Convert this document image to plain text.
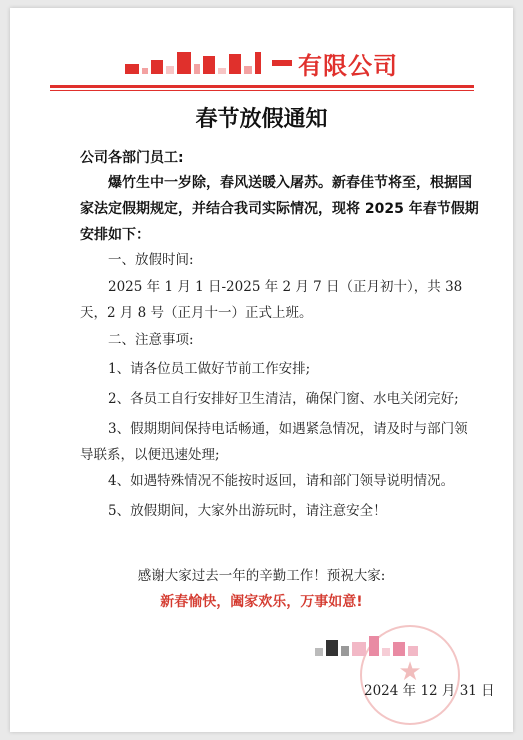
有限公司
春节放假通知
公司各部门员工:
爆竹生中一岁除，春风送暖入屠苏。新春佳节将至，根据国家法定假期规定，并结合我司实际情况，现将 2025 年春节假期安排如下：
一、放假时间:
2025 年 1 月 1 日-2025 年 2 月 7 日（正月初十），共 38 天，2 月 8 号（正月十一）正式上班。
二、注意事项:
1、请各位员工做好节前工作安排;
2、各员工自行安排好卫生清洁，确保门窗、水电关闭完好;
3、假期期间保持电话畅通，如遇紧急情况，请及时与部门领导联系，以便迅速处理;
4、如遇特殊情况不能按时返回，请和部门领导说明情况。
5、放假期间，大家外出游玩时，请注意安全！
感谢大家过去一年的辛勤工作！预祝大家:
新春愉快，阖家欢乐，万事如意!
★
2024 年 12 月 31 日
